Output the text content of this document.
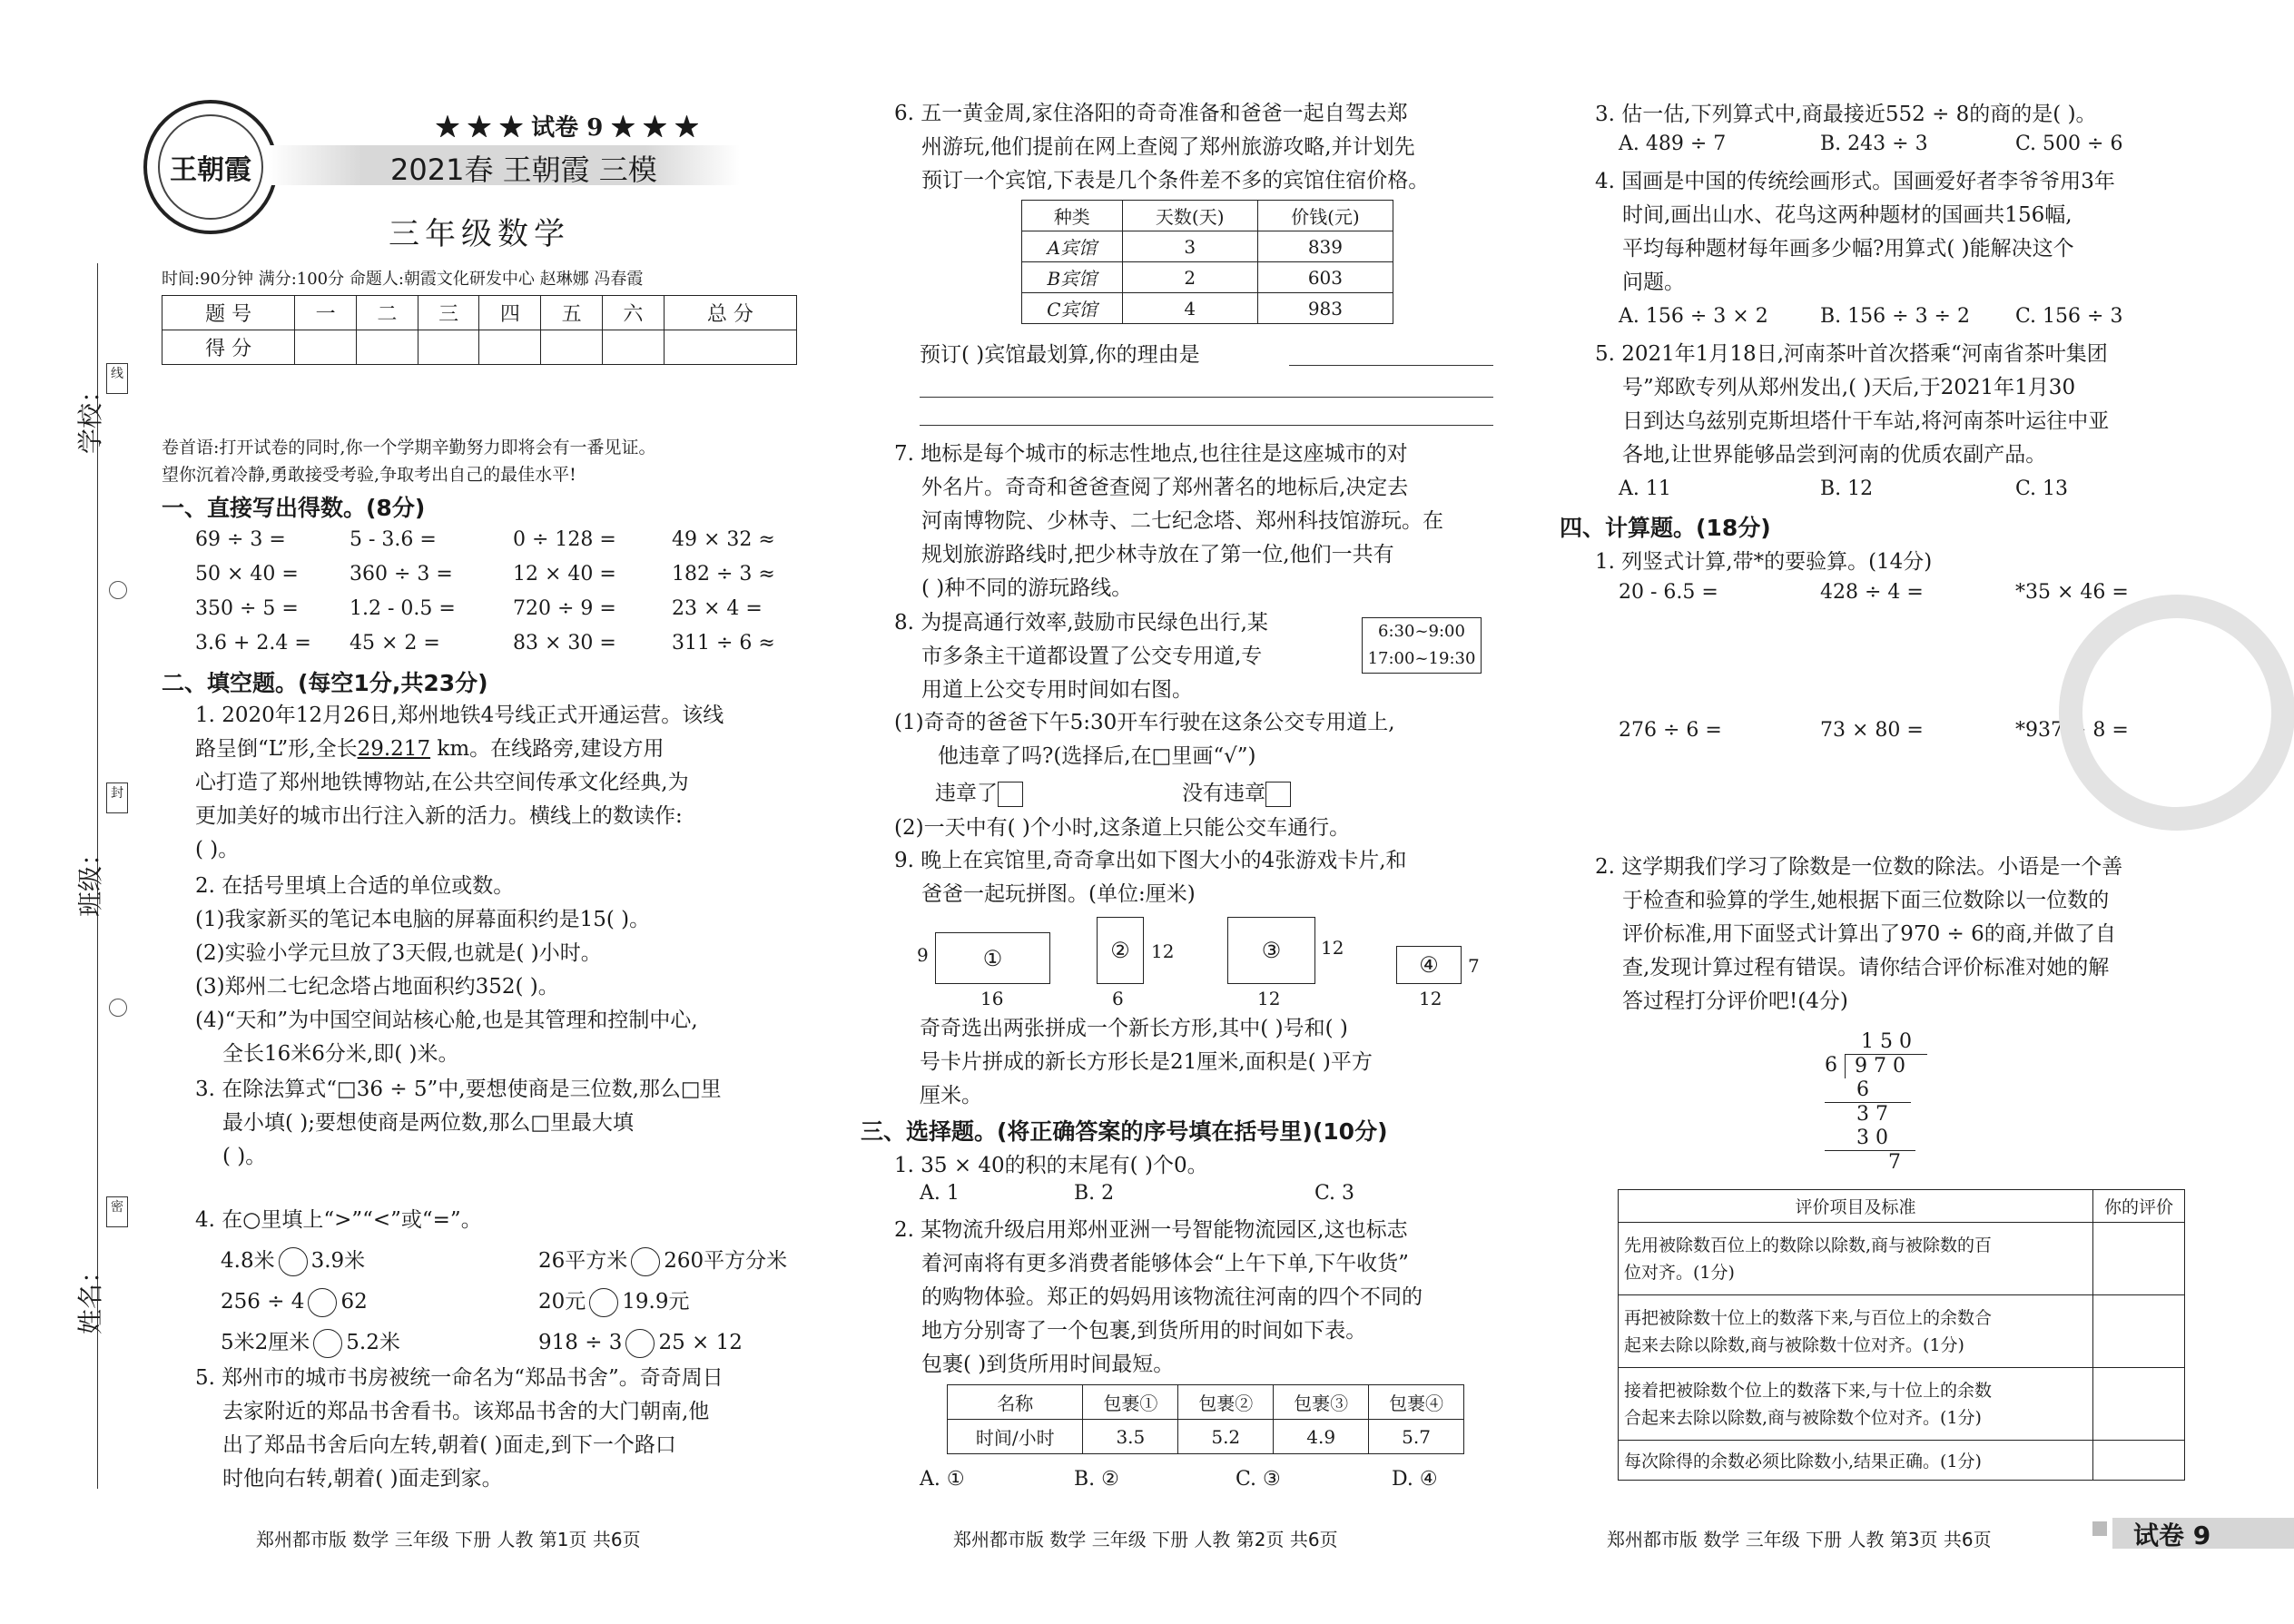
学校：
班级：
姓名：
线
封
密
王朝霞
★ ★ ★ 试卷 9 ★ ★ ★
2021春 王朝霞 三模
三年级数学
时间:90分钟 满分:100分 命题人:朝霞文化研发中心 赵琳娜 冯春霞
题 号	一	二	三	四	五	六	总 分
得 分							
卷首语:打开试卷的同时,你一个学期辛勤努力即将会有一番见证。
望你沉着冷静,勇敢接受考验,争取考出自己的最佳水平!
一、直接写出得数。(8分)
69 ÷ 3 =	5 - 3.6 =	0 ÷ 128 =	49 × 32 ≈
50 × 40 =	360 ÷ 3 =	12 × 40 =	182 ÷ 3 ≈
350 ÷ 5 =	1.2 - 0.5 =	720 ÷ 9 =	23 × 4 =
3.6 + 2.4 =	45 × 2 =	83 × 30 =	311 ÷ 6 ≈
二、填空题。(每空1分,共23分)
1. 2020年12月26日,郑州地铁4号线正式开通运营。该线
路呈倒“L”形,全长29.217 km。在线路旁,建设方用
心打造了郑州地铁博物站,在公共空间传承文化经典,为
更加美好的城市出行注入新的活力。横线上的数读作:
( )。
2. 在括号里填上合适的单位或数。
(1)我家新买的笔记本电脑的屏幕面积约是15( )。
(2)实验小学元旦放了3天假,也就是( )小时。
(3)郑州二七纪念塔占地面积约352( )。
(4)“天和”为中国空间站核心舱,也是其管理和控制中心,
全长16米6分米,即( )米。
3. 在除法算式“□36 ÷ 5”中,要想使商是三位数,那么□里
最小填( );要想使商是两位数,那么□里最大填
( )。
4. 在○里填上“>”“<”或“=”。
4.8米 3.9米	26平方米 260平方分米
256 ÷ 4 62	20元 19.9元
5米2厘米 5.2米	918 ÷ 3 25 × 12
5. 郑州市的城市书房被统一命名为“郑品书舍”。奇奇周日
去家附近的郑品书舍看书。该郑品书舍的大门朝南,他
出了郑品书舍后向左转,朝着( )面走,到下一个路口
时他向右转,朝着( )面走到家。
6. 五一黄金周,家住洛阳的奇奇准备和爸爸一起自驾去郑
州游玩,他们提前在网上查阅了郑州旅游攻略,并计划先
预订一个宾馆,下表是几个条件差不多的宾馆住宿价格。
种类	天数(天)	价钱(元)
A宾馆	3	839
B宾馆	2	603
C宾馆	4	983
预订( )宾馆最划算,你的理由是
7. 地标是每个城市的标志性地点,也往往是这座城市的对
外名片。奇奇和爸爸查阅了郑州著名的地标后,决定去
河南博物院、少林寺、二七纪念塔、郑州科技馆游玩。在
规划旅游路线时,把少林寺放在了第一位,他们一共有
( )种不同的游玩路线。
8. 为提高通行效率,鼓励市民绿色出行,某
市多条主干道都设置了公交专用道,专
用道上公交专用时间如右图。
6:30~9:00
17:00~19:30
(1)奇奇的爸爸下午5:30开车行驶在这条公交专用道上,
他违章了吗?(选择后,在□里画“√”)
违章了	没有违章
(2)一天中有( )个小时,这条道上只能公交车通行。
9. 晚上在宾馆里,奇奇拿出如下图大小的4张游戏卡片,和
爸爸一起玩拼图。(单位:厘米)
9	①
16
②	12
6
③	12
12
④	7
12
奇奇选出两张拼成一个新长方形,其中( )号和( )
号卡片拼成的新长方形长是21厘米,面积是( )平方
厘米。
三、选择题。(将正确答案的序号填在括号里)(10分)
1. 35 × 40的积的末尾有( )个0。
A. 1	B. 2	C. 3
2. 某物流升级启用郑州亚洲一号智能物流园区,这也标志
着河南将有更多消费者能够体会“上午下单,下午收货”
的购物体验。郑正的妈妈用该物流往河南的四个不同的
地方分别寄了一个包裹,到货所用的时间如下表。
包裹( )到货所用时间最短。
名称	包裹①	包裹②	包裹③	包裹④
时间/小时	3.5	5.2	4.9	5.7
A. ①	B. ②	C. ③	D. ④
3. 估一估,下列算式中,商最接近552 ÷ 8的商的是( )。
A. 489 ÷ 7	B. 243 ÷ 3	C. 500 ÷ 6
4. 国画是中国的传统绘画形式。国画爱好者李爷爷用3年
时间,画出山水、花鸟这两种题材的国画共156幅,
平均每种题材每年画多少幅?用算式( )能解决这个
问题。
A. 156 ÷ 3 × 2	B. 156 ÷ 3 ÷ 2	C. 156 ÷ 3
5. 2021年1月18日,河南茶叶首次搭乘“河南省茶叶集团
号”郑欧专列从郑州发出,( )天后,于2021年1月30
日到达乌兹别克斯坦塔什干车站,将河南茶叶运往中亚
各地,让世界能够品尝到河南的优质农副产品。
A. 11	B. 12	C. 13
四、计算题。(18分)
1. 列竖式计算,带*的要验算。(14分)
20 - 6.5 =	428 ÷ 4 =	*35 × 46 =
276 ÷ 6 =	73 × 80 =	*937 ÷ 8 =
2. 这学期我们学习了除数是一位数的除法。小语是一个善
于检查和验算的学生,她根据下面三位数除以一位数的
评价标准,用下面竖式计算出了970 ÷ 6的商,并做了自
查,发现计算过程有错误。请你结合评价标准对她的解
答过程打分评价吧!(4分)
1 5 0
6 9 7 0
6
3 7
3 0
7
评价项目及标准	你的评价

先用被除数百位上的数除以除数,商与被除数的百
位对齐。(1分)	

再把被除数十位上的数落下来,与百位上的余数合
起来去除以除数,商与被除数十位对齐。(1分)	

接着把被除数个位上的数落下来,与十位上的余数
合起来去除以除数,商与被除数个位对齐。(1分)	

每次除得的余数必须比除数小,结果正确。(1分)	
郑州都市版 数学 三年级 下册 人教 第1页 共6页	郑州都市版 数学 三年级 下册 人教 第2页 共6页	郑州都市版 数学 三年级 下册 人教 第3页 共6页	试卷 9
